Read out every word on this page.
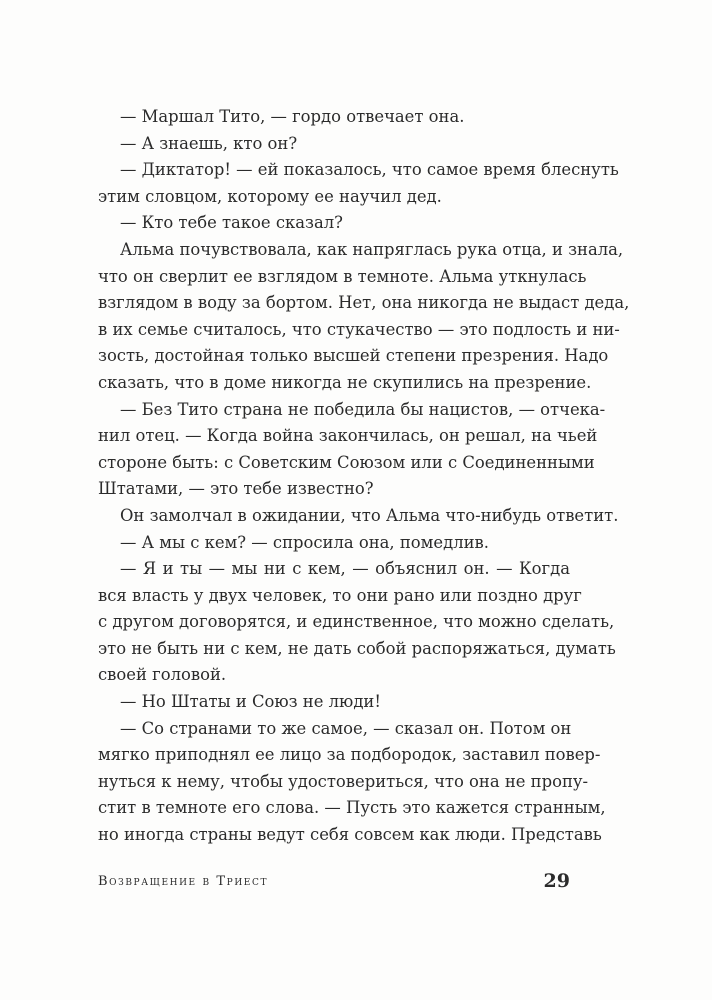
— Маршал Тито, — гордо отвечает она.
— А знаешь, кто он?
— Диктатор! — ей показалось, что самое время блеснуть
этим словцом, которому ее научил дед.
— Кто тебе такое сказал?
Альма почувствовала, как напряглась рука отца, и знала,
что он сверлит ее взглядом в темноте. Альма уткнулась
взглядом в воду за бортом. Нет, она никогда не выдаст деда,
в их семье считалось, что стукачество — это подлость и ни-
зость, достойная только высшей степени презрения. Надо
сказать, что в доме никогда не скупились на презрение.
— Без Тито страна не победила бы нацистов, — отчека-
нил отец. — Когда война закончилась, он решал, на чьей
стороне быть: с Советским Союзом или с Соединенными
Штатами, — это тебе известно?
Он замолчал в ожидании, что Альма что-нибудь ответит.
— А мы с кем? — спросила она, помедлив.
— Я и ты — мы ни с кем, — объяснил он. — Когда
вся власть у двух человек, то они рано или поздно друг
с другом договорятся, и единственное, что можно сделать,
это не быть ни с кем, не дать собой распоряжаться, думать
своей головой.
— Но Штаты и Союз не люди!
— Со странами то же самое, — сказал он. Потом он
мягко приподнял ее лицо за подбородок, заставил повер-
нуться к нему, чтобы удостовериться, что она не пропу-
стит в темноте его слова. — Пусть это кажется странным,
но иногда страны ведут себя совсем как люди. Представь
Возвращение в Триест	29
